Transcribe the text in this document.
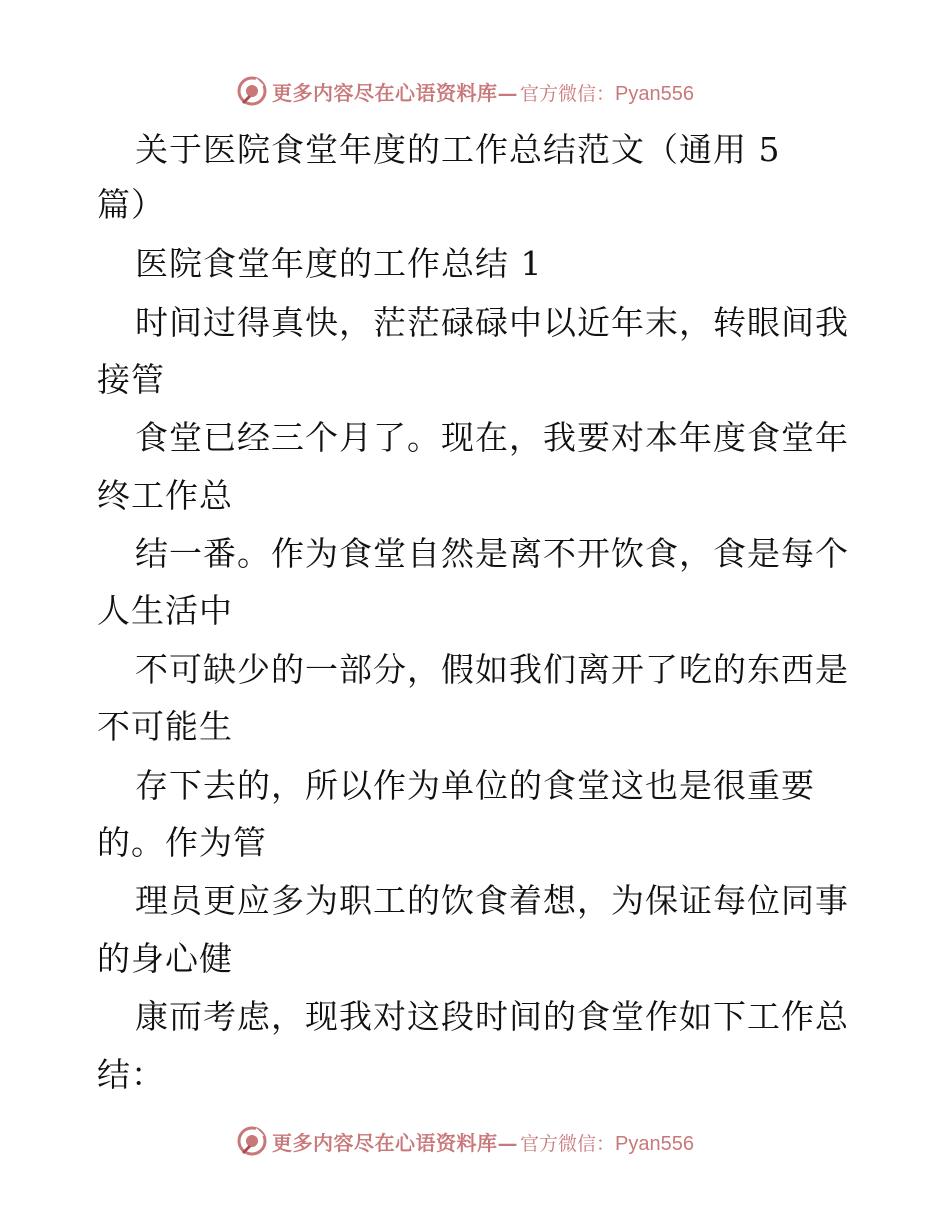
更多内容尽在心语资料库— 官方微信：Pyan556
关于医院食堂年度的工作总结范文（通用 5
篇）
医院食堂年度的工作总结 1
时间过得真快，茫茫碌碌中以近年末，转眼间我
接管
食堂已经三个月了。现在，我要对本年度食堂年
终工作总
结一番。作为食堂自然是离不开饮食，食是每个
人生活中
不可缺少的一部分，假如我们离开了吃的东西是
不可能生
存下去的，所以作为单位的食堂这也是很重要
的。作为管
理员更应多为职工的饮食着想，为保证每位同事
的身心健
康而考虑，现我对这段时间的食堂作如下工作总
结：
更多内容尽在心语资料库— 官方微信：Pyan556
